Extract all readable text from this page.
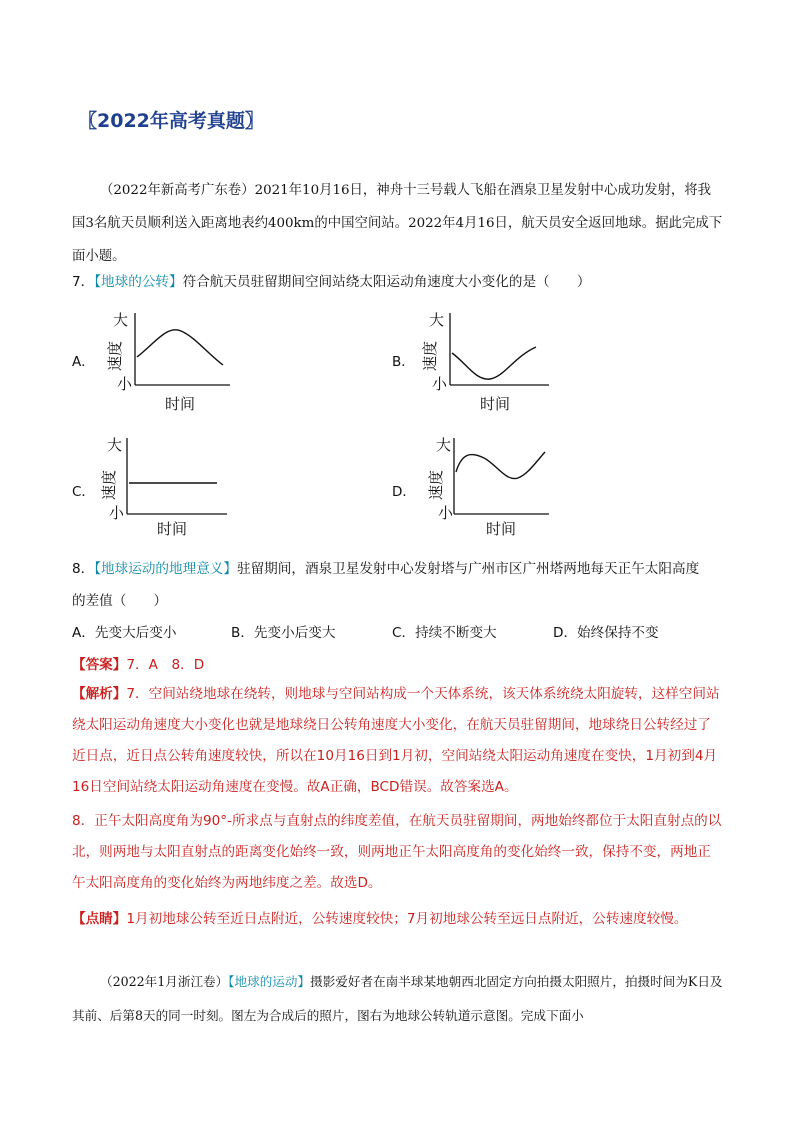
〖2022年高考真题〗
（2022年新高考广东卷）2021年10月16日，神舟十三号载人飞船在酒泉卫星发射中心成功发射，将我国3名航天员顺利送入距离地表约400km的中国空间站。2022年4月16日，航天员安全返回地球。据此完成下面小题。
7．【地球的公转】符合航天员驻留期间空间站绕太阳运动角速度大小变化的是（　　）
A．
大
小
时间
速度	B．
大
小
时间
速度
C．
大
小
时间
速度	D．
大
小
时间
速度
8．【地球运动的地理意义】驻留期间，酒泉卫星发射中心发射塔与广州市区广州塔两地每天正午太阳高度
的差值（　　）
A．先变大后变小	B．先变小后变大	C．持续不断变大	D．始终保持不变
【答案】7．A　8．D
【解析】7．空间站绕地球在绕转，则地球与空间站构成一个天体系统，该天体系统绕太阳旋转，这样空间站绕太阳运动角速度大小变化也就是地球绕日公转角速度大小变化，在航天员驻留期间，地球绕日公转经过了近日点，近日点公转角速度较快，所以在10月16日到1月初，空间站绕太阳运动角速度在变快，1月初到4月16日空间站绕太阳运动角速度在变慢。故A正确，BCD错误。故答案选A。
8．正午太阳高度角为90°-所求点与直射点的纬度差值，在航天员驻留期间，两地始终都位于太阳直射点的以北，则两地与太阳直射点的距离变化始终一致，则两地正午太阳高度角的变化始终一致，保持不变，两地正午太阳高度角的变化始终为两地纬度之差。故选D。
【点睛】1月初地球公转至近日点附近，公转速度较快；7月初地球公转至远日点附近，公转速度较慢。
（2022年1月浙江卷）【地球的运动】摄影爱好者在南半球某地朝西北固定方向拍摄太阳照片，拍摄时间为K日及其前、后第8天的同一时刻。图左为合成后的照片，图右为地球公转轨道示意图。完成下面小
